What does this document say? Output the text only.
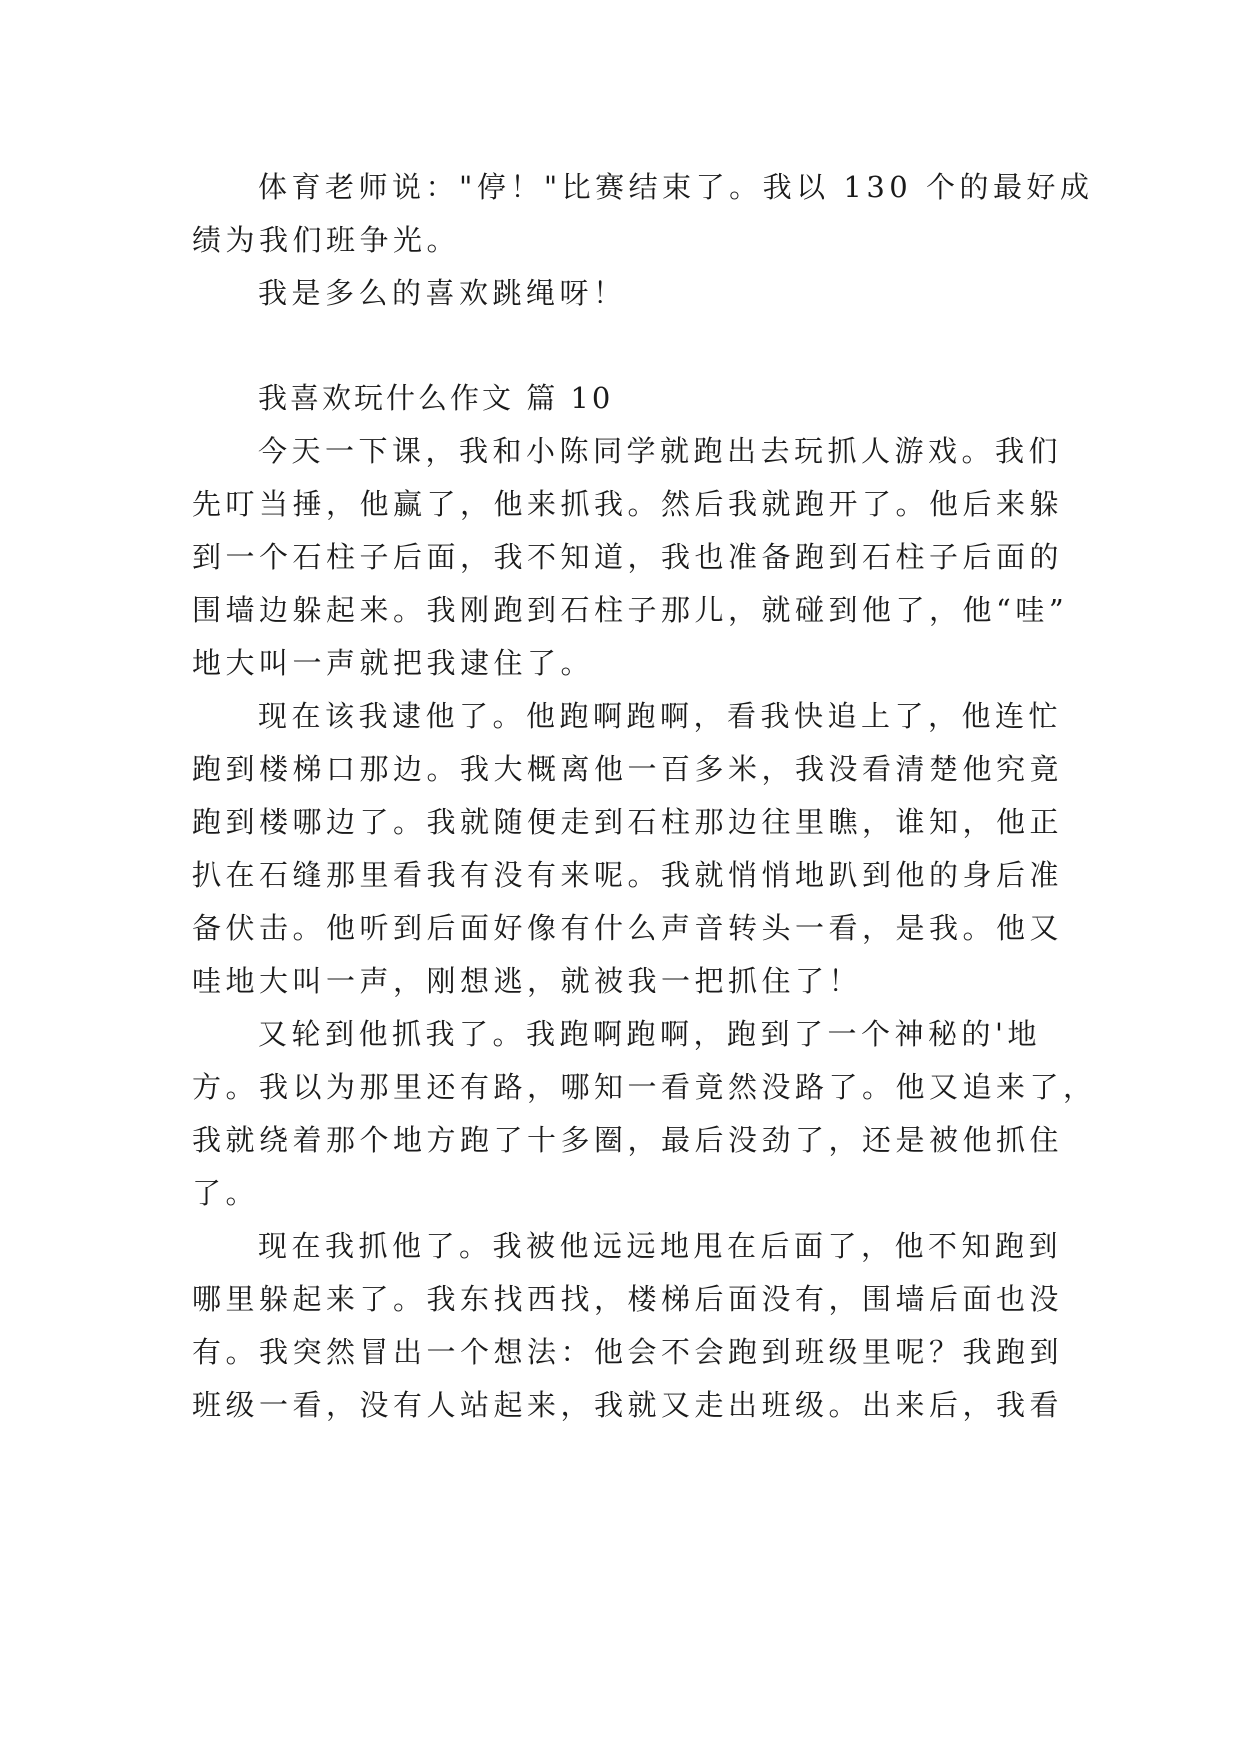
体育老师说："停！"比赛结束了。我以 130 个的最好成
绩为我们班争光。
我是多么的喜欢跳绳呀！
我喜欢玩什么作文 篇 10
今天一下课，我和小陈同学就跑出去玩抓人游戏。我们
先叮当捶，他赢了，他来抓我。然后我就跑开了。他后来躲
到一个石柱子后面，我不知道，我也准备跑到石柱子后面的
围墙边躲起来。我刚跑到石柱子那儿，就碰到他了，他“哇”
地大叫一声就把我逮住了。
现在该我逮他了。他跑啊跑啊，看我快追上了，他连忙
跑到楼梯口那边。我大概离他一百多米，我没看清楚他究竟
跑到楼哪边了。我就随便走到石柱那边往里瞧，谁知，他正
扒在石缝那里看我有没有来呢。我就悄悄地趴到他的身后准
备伏击。他听到后面好像有什么声音转头一看，是我。他又
哇地大叫一声，刚想逃，就被我一把抓住了！
又轮到他抓我了。我跑啊跑啊，跑到了一个神秘的'地
方。我以为那里还有路，哪知一看竟然没路了。他又追来了，
我就绕着那个地方跑了十多圈，最后没劲了，还是被他抓住
了。
现在我抓他了。我被他远远地甩在后面了，他不知跑到
哪里躲起来了。我东找西找，楼梯后面没有，围墙后面也没
有。我突然冒出一个想法：他会不会跑到班级里呢？我跑到
班级一看，没有人站起来，我就又走出班级。出来后，我看
